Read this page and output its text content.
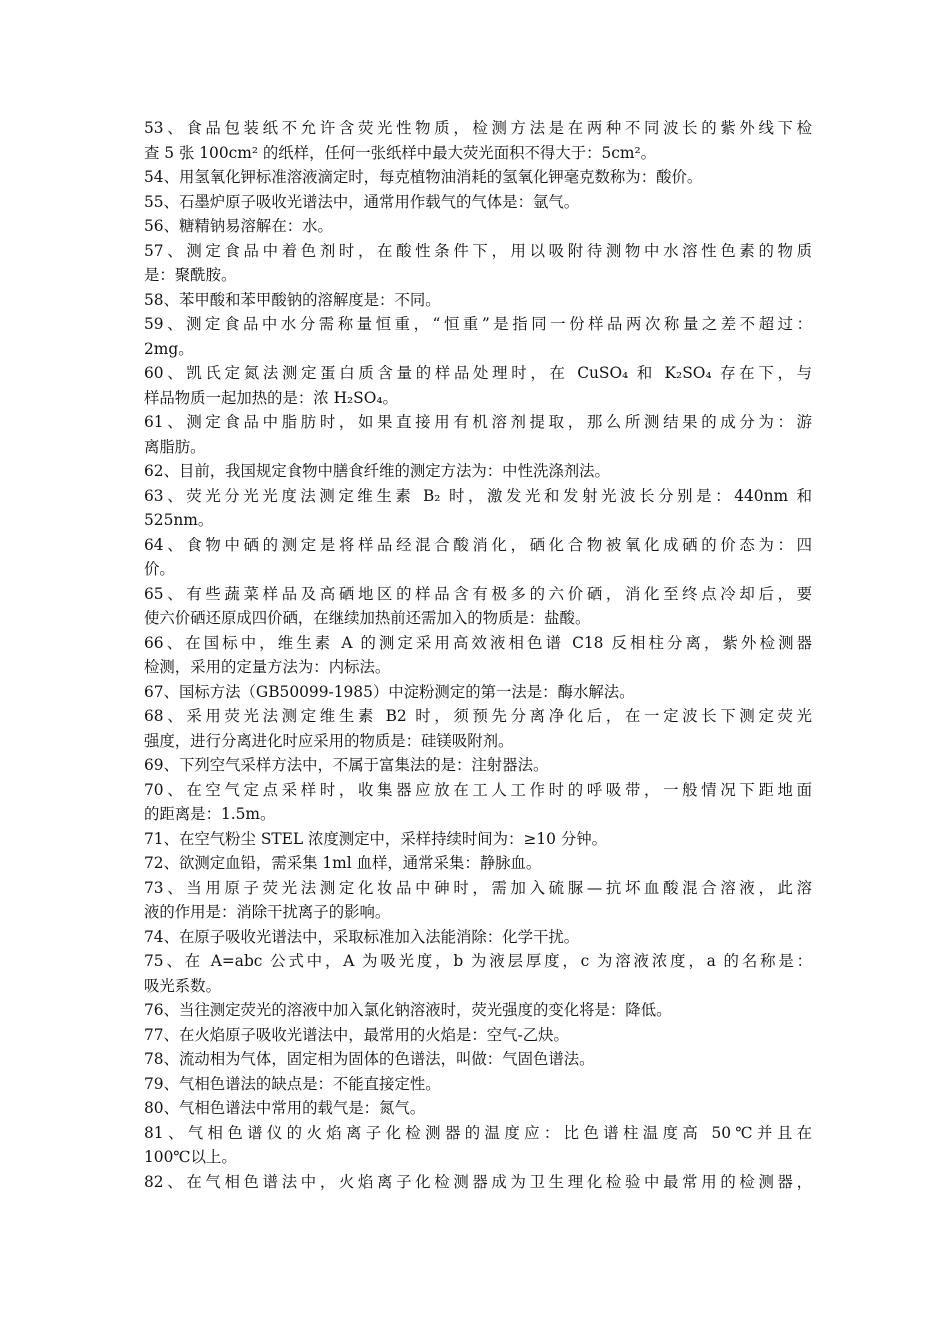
53、食品包装纸不允许含荧光性物质，检测方法是在两种不同波长的紫外线下检
查 5 张 100cm² 的纸样，任何一张纸样中最大荧光面积不得大于：5cm²。
54、用氢氧化钾标准溶液滴定时，每克植物油消耗的氢氧化钾毫克数称为：酸价。
55、石墨炉原子吸收光谱法中，通常用作载气的气体是：氩气。
56、糖精钠易溶解在：水。
57、测定食品中着色剂时，在酸性条件下，用以吸附待测物中水溶性色素的物质
是：聚酰胺。
58、苯甲酸和苯甲酸钠的溶解度是：不同。
59、测定食品中水分需称量恒重，“恒重”是指同一份样品两次称量之差不超过：
2mg。
60、凯氏定氮法测定蛋白质含量的样品处理时，在 CuSO₄ 和 K₂SO₄ 存在下，与
样品物质一起加热的是：浓 H₂SO₄。
61、测定食品中脂肪时，如果直接用有机溶剂提取，那么所测结果的成分为：游
离脂肪。
62、目前，我国规定食物中膳食纤维的测定方法为：中性洗涤剂法。
63、荧光分光光度法测定维生素 B₂ 时，激发光和发射光波长分别是：440nm 和
525nm。
64、食物中硒的测定是将样品经混合酸消化，硒化合物被氧化成硒的价态为：四
价。
65、有些蔬菜样品及高硒地区的样品含有极多的六价硒，消化至终点冷却后，要
使六价硒还原成四价硒，在继续加热前还需加入的物质是：盐酸。
66、在国标中，维生素 A 的测定采用高效液相色谱 C18 反相柱分离，紫外检测器
检测，采用的定量方法为：内标法。
67、国标方法（GB50099-1985）中淀粉测定的第一法是：酶水解法。
68、采用荧光法测定维生素 B2 时，须预先分离净化后，在一定波长下测定荧光
强度，进行分离进化时应采用的物质是：硅镁吸附剂。
69、下列空气采样方法中，不属于富集法的是：注射器法。
70、在空气定点采样时，收集器应放在工人工作时的呼吸带，一般情况下距地面
的距离是：1.5m。
71、在空气粉尘 STEL 浓度测定中，采样持续时间为：≥10 分钟。
72、欲测定血铅，需采集 1ml 血样，通常采集：静脉血。
73、当用原子荧光法测定化妆品中砷时，需加入硫脲—抗坏血酸混合溶液，此溶
液的作用是：消除干扰离子的影响。
74、在原子吸收光谱法中，采取标准加入法能消除：化学干扰。
75、在 A=abc 公式中，A 为吸光度，b 为液层厚度，c 为溶液浓度，a 的名称是：
吸光系数。
76、当往测定荧光的溶液中加入氯化钠溶液时，荧光强度的变化将是：降低。
77、在火焰原子吸收光谱法中，最常用的火焰是：空气-乙炔。
78、流动相为气体，固定相为固体的色谱法，叫做：气固色谱法。
79、气相色谱法的缺点是：不能直接定性。
80、气相色谱法中常用的载气是：氮气。
81、气相色谱仪的火焰离子化检测器的温度应：比色谱柱温度高 50℃并且在
100℃以上。
82、在气相色谱法中，火焰离子化检测器成为卫生理化检验中最常用的检测器，
